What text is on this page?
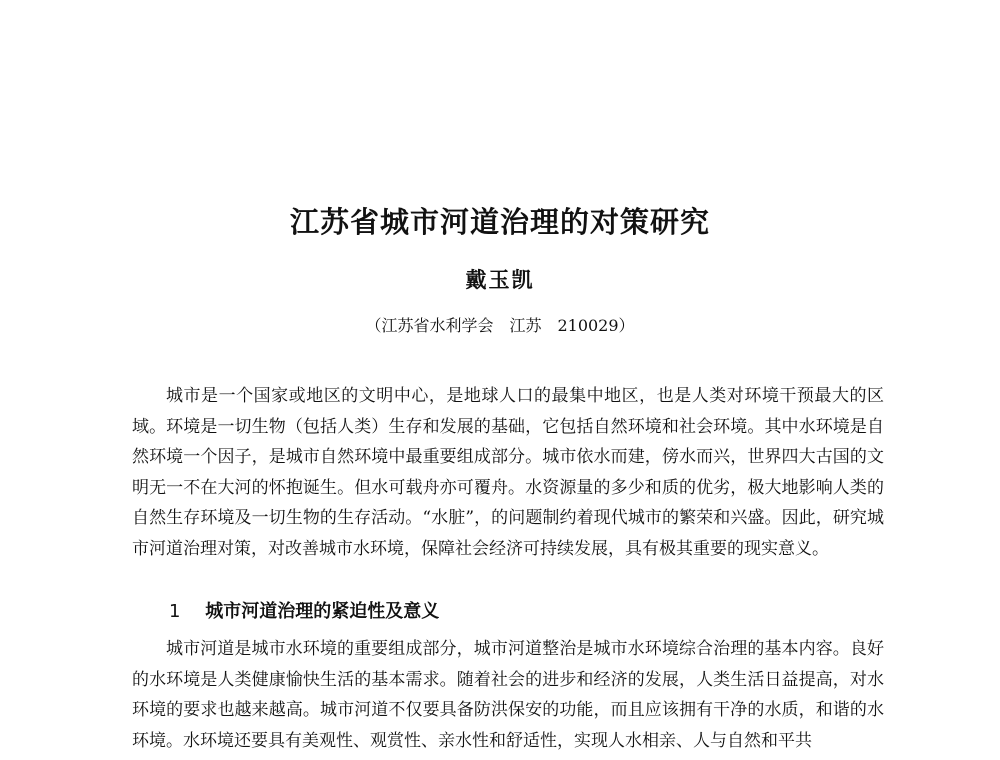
江苏省城市河道治理的对策研究
戴玉凯
（江苏省水利学会　江苏　210029）

城市是一个国家或地区的文明中心，是地球人口的最集中地区，也是人类对环境干预最大的区域。环境是一切生物（包括人类）生存和发展的基础，它包括自然环境和社会环境。其中水环境是自然环境一个因子，是城市自然环境中最重要组成部分。城市依水而建，傍水而兴，世界四大古国的文明无一不在大河的怀抱诞生。但水可载舟亦可覆舟。水资源量的多少和质的优劣，极大地影响人类的自然生存环境及一切生物的生存活动。“水脏”，的问题制约着现代城市的繁荣和兴盛。因此，研究城市河道治理对策，对改善城市水环境，保障社会经济可持续发展，具有极其重要的现实意义。

1 城市河道治理的紧迫性及意义

城市河道是城市水环境的重要组成部分，城市河道整治是城市水环境综合治理的基本内容。良好的水环境是人类健康愉快生活的基本需求。随着社会的进步和经济的发展，人类生活日益提高，对水环境的要求也越来越高。城市河道不仅要具备防洪保安的功能，而且应该拥有干净的水质，和谐的水环境。水环境还要具有美观性、观赏性、亲水性和舒适性，实现人水相亲、人与自然和平共
